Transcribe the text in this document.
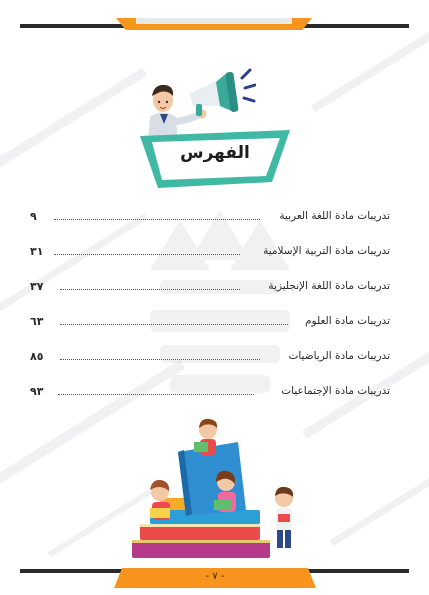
الفهرس
٩	تدريبات مادة اللغة العربية
٣١	تدريبات مادة التربية الإسلامية
٣٧	تدريبات مادة اللغة الإنجليزية
٦٣	تدريبات مادة العلوم
٨٥	تدريبات مادة الرياضيات
٩٣	تدريبات مادة الإجتماعيات
- ٧ -
